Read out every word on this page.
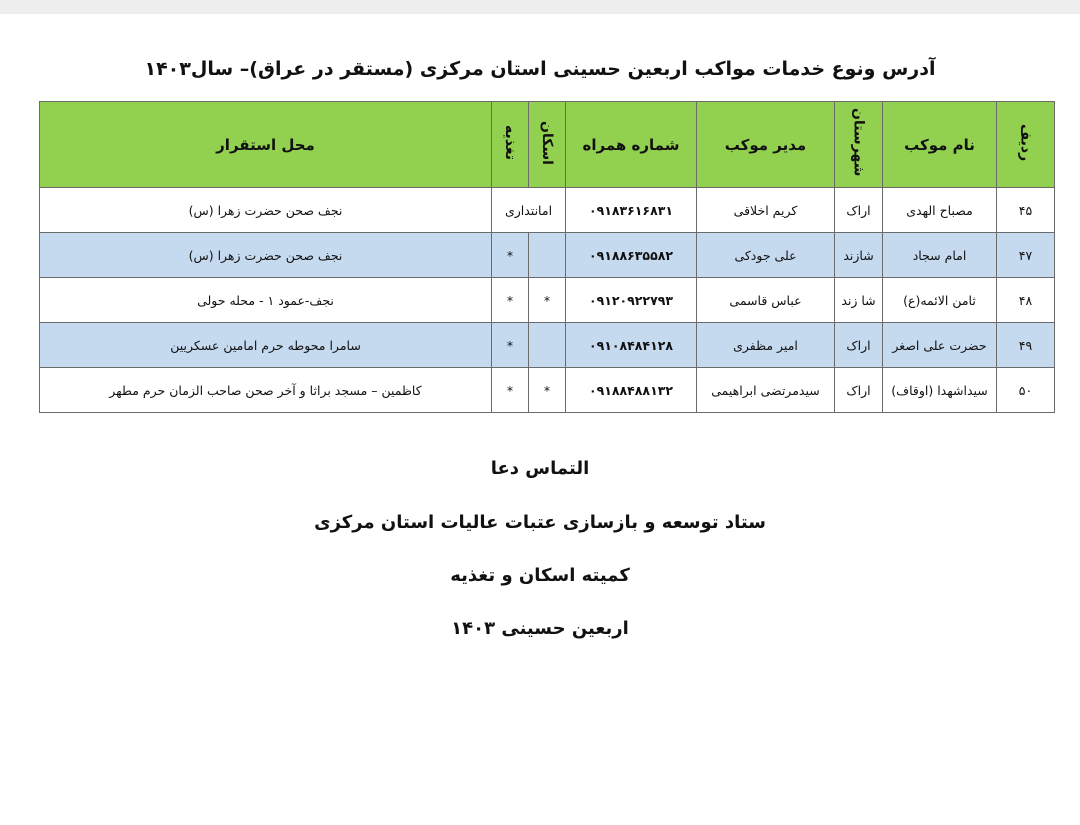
آدرس ونوع خدمات مواکب اربعین حسینی استان مرکزی (مستقر در عراق)– سال۱۴۰۳
ردیف	نام موکب	شهرستان	مدیر موکب	شماره همراه	اسکان	تغذیه	محل استقرار
۴۵	مصباح الهدی	اراک	کریم اخلاقی	۰۹۱۸۳۶۱۶۸۳۱	امانتداری		نجف صحن حضرت زهرا (س)
۴۷	امام سجاد	شازند	علی جودکی	۰۹۱۸۸۶۳۵۵۸۲		*	نجف صحن حضرت زهرا (س)
۴۸	ثامن الائمه(ع)	شا زند	عباس قاسمی	۰۹۱۲۰۹۲۲۷۹۳	*	*	نجف-عمود ۱ - محله حولی
۴۹	حضرت علی اصغر	اراک	امیر مظفری	۰۹۱۰۸۴۸۴۱۲۸		*	سامرا محوطه حرم امامین عسکریین
۵۰	سیداشهدا (اوقاف)	اراک	سیدمرتضی ابراهیمی	۰۹۱۸۸۴۸۸۱۳۲	*	*	کاظمین – مسجد براثا و آخر صحن صاحب الزمان حرم مطهر
التماس دعا
ستاد توسعه و بازسازی عتبات عالیات استان مرکزی
کمیته اسکان و تغذیه
اربعین حسینی ۱۴۰۳
